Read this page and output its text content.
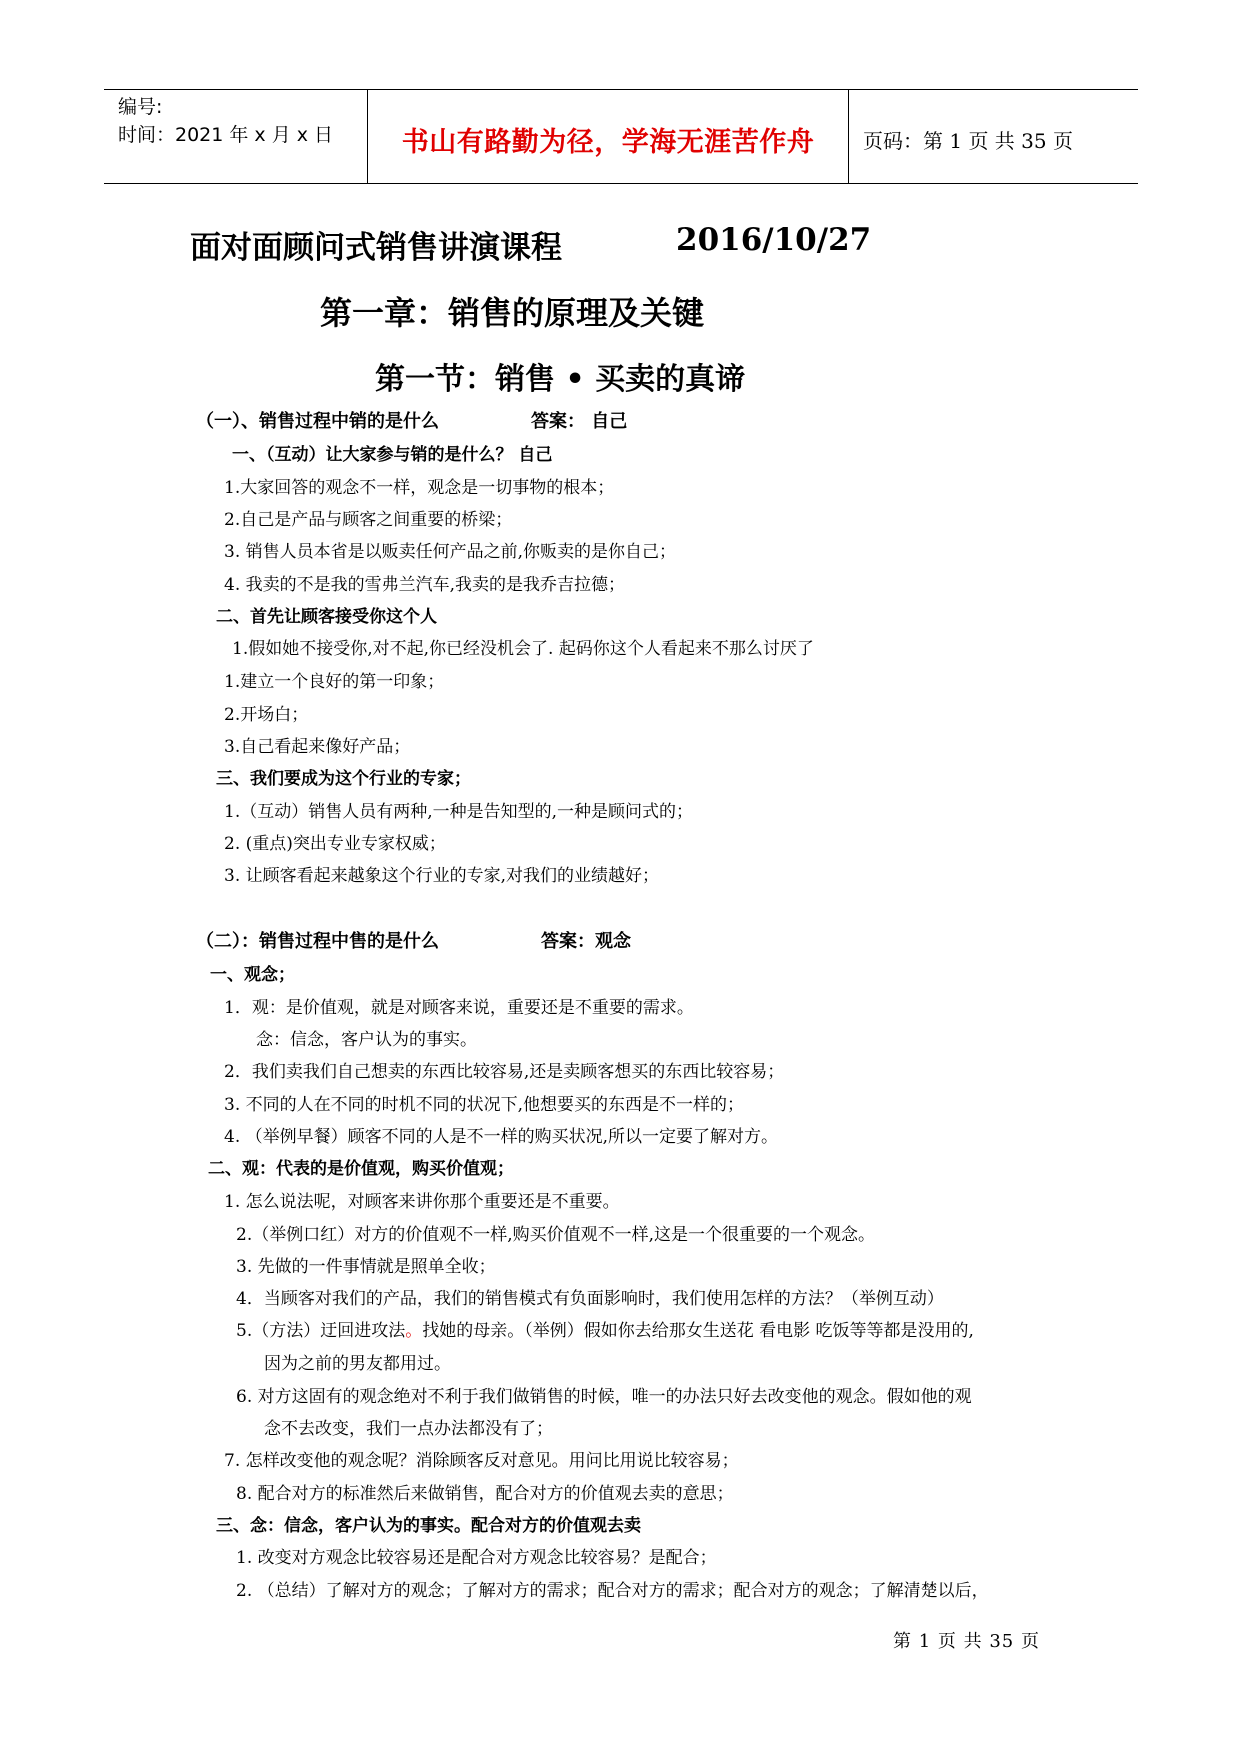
编号:
时间：2021 年 x 月 x 日	书山有路勤为径，学海无涯苦作舟	页码：第 1 页 共 35 页
面对面顾问式销售讲演课程	2016/10/27
第一章：销售的原理及关键
第一节：销售 • 买卖的真谛
（一）、销售过程中销的是什么	答案： 自己
一、（互动）让大家参与销的是什么？ 自己
1.大家回答的观念不一样，观念是一切事物的根本；
2.自己是产品与顾客之间重要的桥梁；
3. 销售人员本省是以贩卖任何产品之前,你贩卖的是你自己；
4. 我卖的不是我的雪弗兰汽车,我卖的是我乔吉拉德；
二、首先让顾客接受你这个人
1.假如她不接受你,对不起,你已经没机会了. 起码你这个人看起来不那么讨厌了
1.建立一个良好的第一印象；
2.开场白；
3.自己看起来像好产品；
三、我们要成为这个行业的专家；
1.（互动）销售人员有两种,一种是告知型的,一种是顾问式的；
2. (重点)突出专业专家权威；
3. 让顾客看起来越象这个行业的专家,对我们的业绩越好；
（二）：销售过程中售的是什么	答案：观念
一、观念；
1．观：是价值观，就是对顾客来说，重要还是不重要的需求。
念：信念，客户认为的事实。
2．我们卖我们自己想卖的东西比较容易,还是卖顾客想买的东西比较容易；
3. 不同的人在不同的时机不同的状况下,他想要买的东西是不一样的；
4. （举例早餐）顾客不同的人是不一样的购买状况,所以一定要了解对方。
二、观：代表的是价值观，购买价值观；
1. 怎么说法呢，对顾客来讲你那个重要还是不重要。
2.（举例口红）对方的价值观不一样,购买价值观不一样,这是一个很重要的一个观念。
3. 先做的一件事情就是照单全收；
4．当顾客对我们的产品，我们的销售模式有负面影响时，我们使用怎样的方法？（举例互动）
5.（方法）迂回进攻法。找她的母亲。（举例）假如你去给那女生送花 看电影 吃饭等等都是没用的,
因为之前的男友都用过。
6. 对方这固有的观念绝对不利于我们做销售的时候，唯一的办法只好去改变他的观念。假如他的观
念不去改变，我们一点办法都没有了；
7. 怎样改变他的观念呢？消除顾客反对意见。用问比用说比较容易；
8. 配合对方的标准然后来做销售，配合对方的价值观去卖的意思；
三、念：信念，客户认为的事实。配合对方的价值观去卖
1. 改变对方观念比较容易还是配合对方观念比较容易？是配合；
2. （总结）了解对方的观念；了解对方的需求；配合对方的需求；配合对方的观念；了解清楚以后，
第 1 页 共 35 页
